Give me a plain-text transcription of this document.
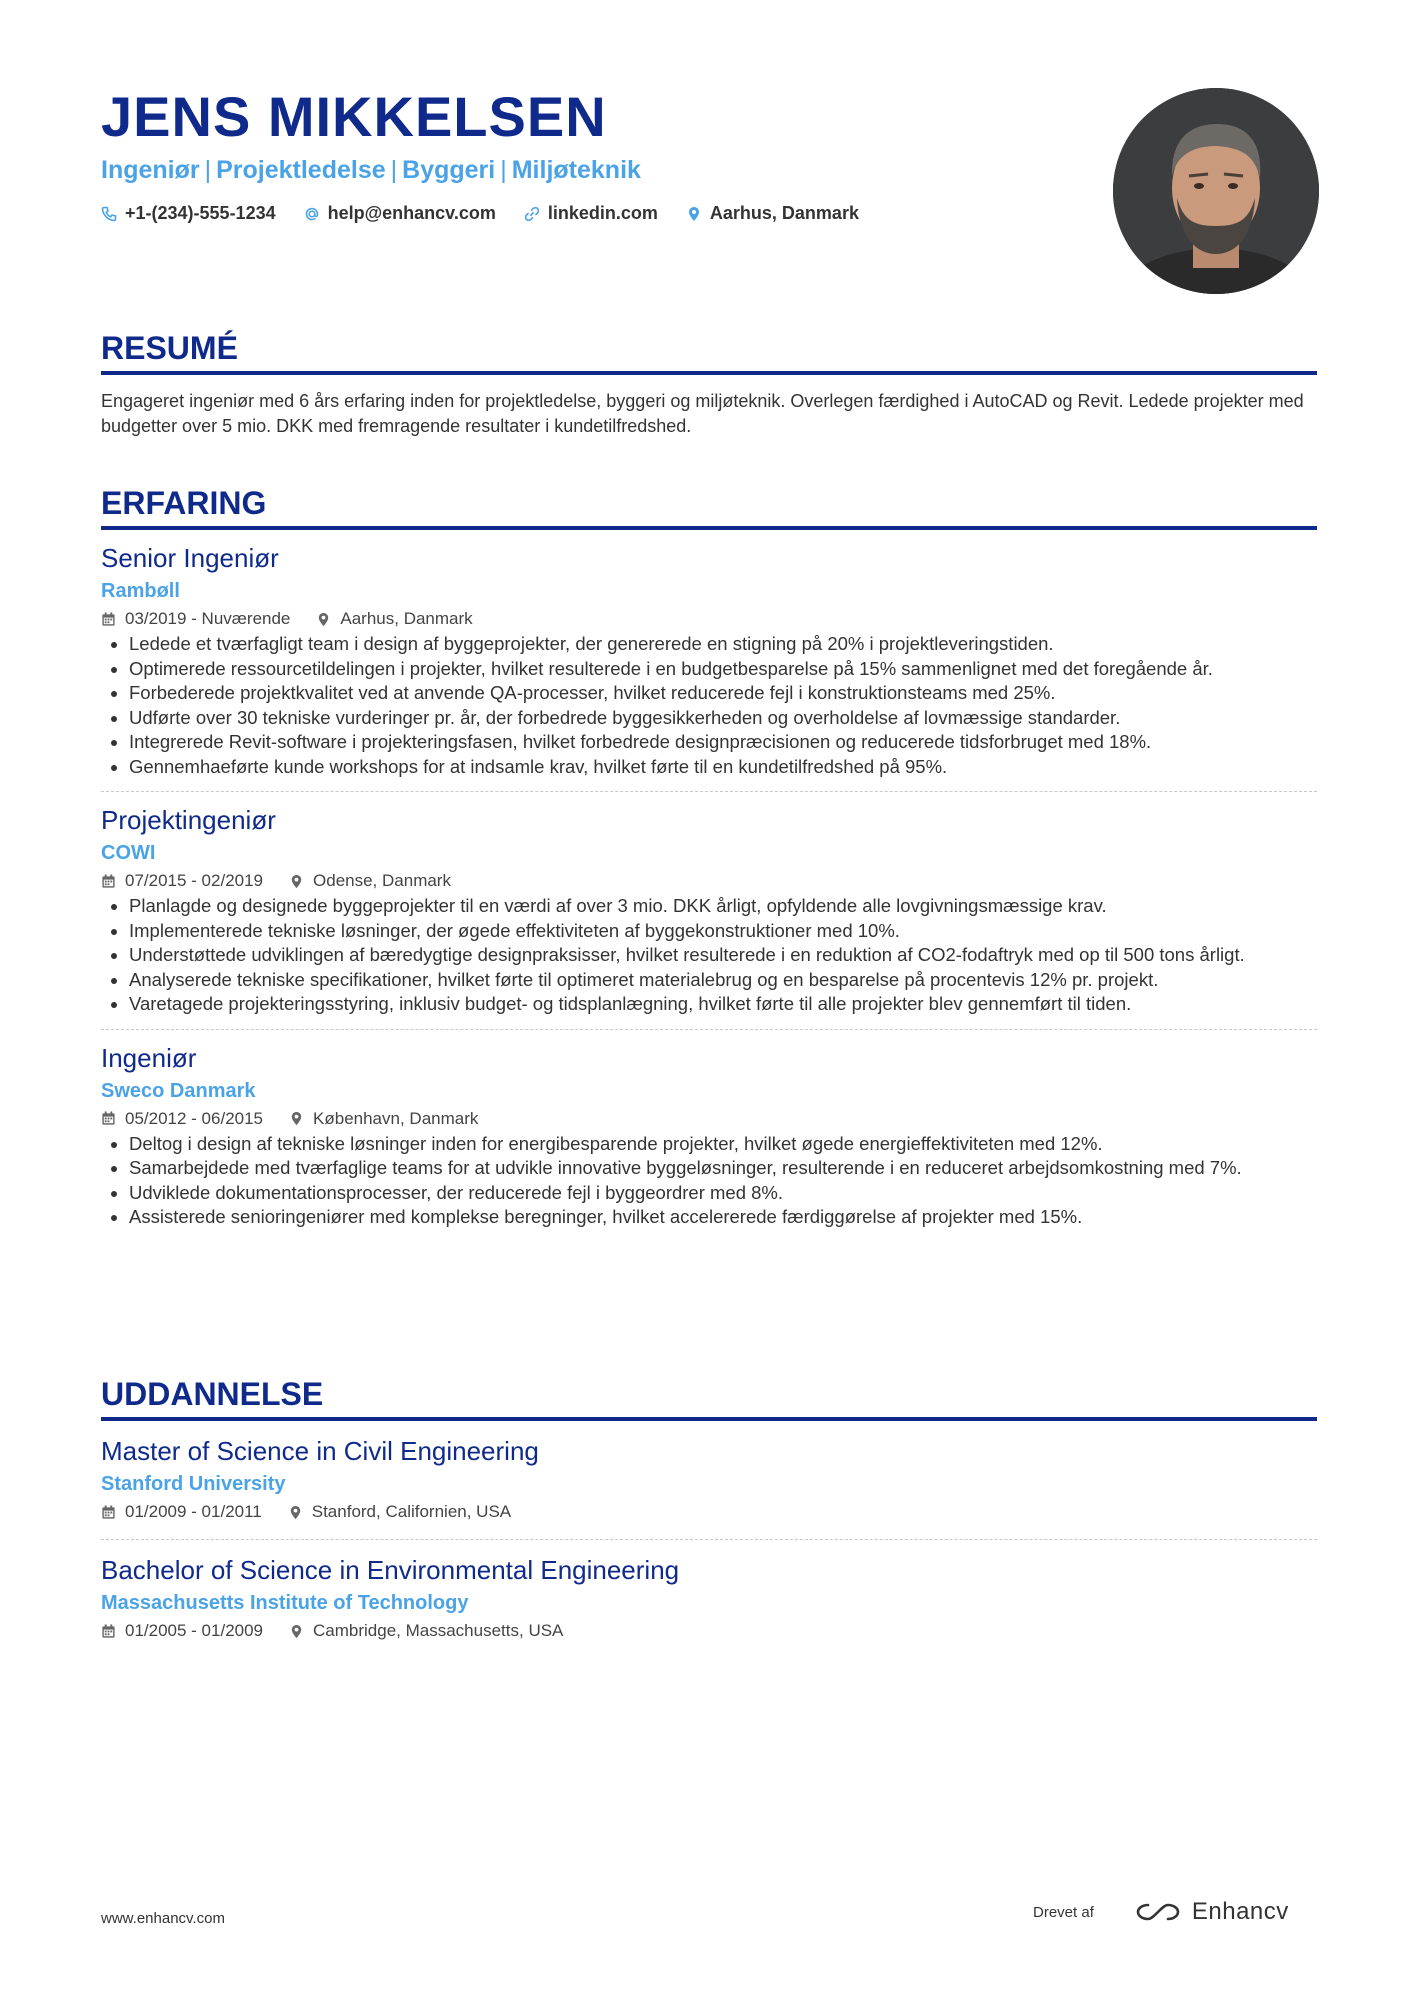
JENS MIKKELSEN
Ingeniør | Projektledelse | Byggeri | Miljøteknik
+1-(234)-555-1234	help@enhancv.com	linkedin.com	Aarhus, Danmark
RESUMÉ
Engageret ingeniør med 6 års erfaring inden for projektledelse, byggeri og miljøteknik. Overlegen færdighed i AutoCAD og Revit. Ledede projekter med budgetter over 5 mio. DKK med fremragende resultater i kundetilfredshed.
ERFARING
Senior Ingeniør
Rambøll
03/2019 - Nuværende	Aarhus, Danmark
• Ledede et tværfagligt team i design af byggeprojekter, der genererede en stigning på 20% i projektleveringstiden.
• Optimerede ressourcetildelingen i projekter, hvilket resulterede i en budgetbesparelse på 15% sammenlignet med det foregående år.
• Forbederede projektkvalitet ved at anvende QA-processer, hvilket reducerede fejl i konstruktionsteams med 25%.
• Udførte over 30 tekniske vurderinger pr. år, der forbedrede byggesikkerheden og overholdelse af lovmæssige standarder.
• Integrerede Revit-software i projekteringsfasen, hvilket forbedrede designpræcisionen og reducerede tidsforbruget med 18%.
• Gennemhaeførte kunde workshops for at indsamle krav, hvilket førte til en kundetilfredshed på 95%.
Projektingeniør
COWI
07/2015 - 02/2019	Odense, Danmark
• Planlagde og designede byggeprojekter til en værdi af over 3 mio. DKK årligt, opfyldende alle lovgivningsmæssige krav.
• Implementerede tekniske løsninger, der øgede effektiviteten af byggekonstruktioner med 10%.
• Understøttede udviklingen af bæredygtige designpraksisser, hvilket resulterede i en reduktion af CO2-fodaftryk med op til 500 tons årligt.
• Analyserede tekniske specifikationer, hvilket førte til optimeret materialebrug og en besparelse på procentevis 12% pr. projekt.
• Varetagede projekteringsstyring, inklusiv budget- og tidsplanlægning, hvilket førte til alle projekter blev gennemført til tiden.
Ingeniør
Sweco Danmark
05/2012 - 06/2015	København, Danmark
• Deltog i design af tekniske løsninger inden for energibesparende projekter, hvilket øgede energieffektiviteten med 12%.
• Samarbejdede med tværfaglige teams for at udvikle innovative byggeløsninger, resulterende i en reduceret arbejdsomkostning med 7%.
• Udviklede dokumentationsprocesser, der reducerede fejl i byggeordrer med 8%.
• Assisterede senioringeniører med komplekse beregninger, hvilket accelererede færdiggørelse af projekter med 15%.
UDDANNELSE
Master of Science in Civil Engineering
Stanford University
01/2009 - 01/2011	Stanford, Californien, USA
Bachelor of Science in Environmental Engineering
Massachusetts Institute of Technology
01/2005 - 01/2009	Cambridge, Massachusetts, USA
www.enhancv.com	Drevet af	Enhancv
